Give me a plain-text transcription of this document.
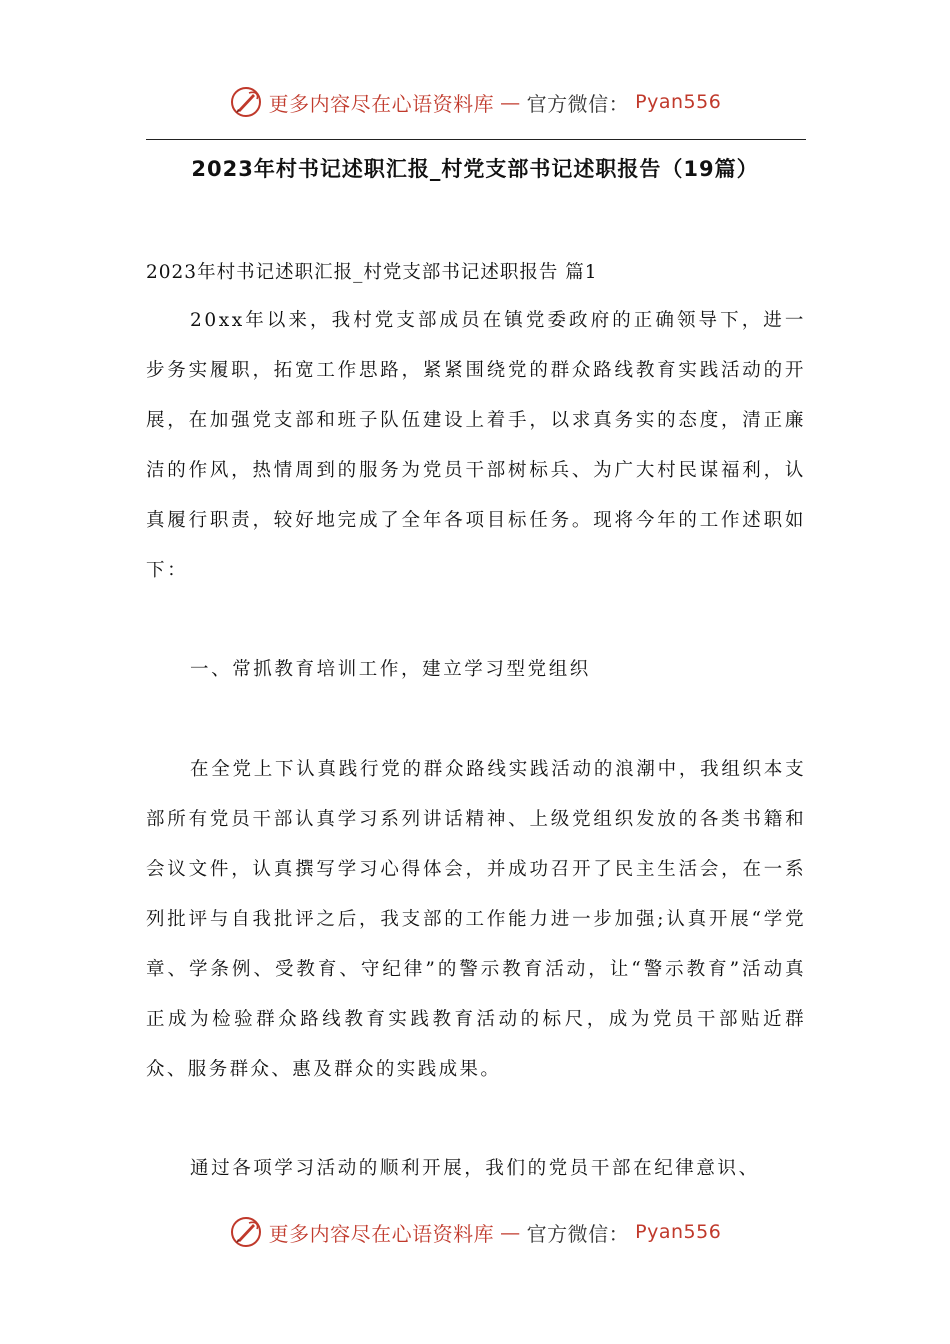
更多内容尽在心语资料库 — 官方微信： Pyan556
2023年村书记述职汇报_村党支部书记述职报告（19篇）
2023年村书记述职汇报_村党支部书记述职报告 篇1

20xx年以来，我村党支部成员在镇党委政府的正确领导下，进一步务实履职，拓宽工作思路，紧紧围绕党的群众路线教育实践活动的开展，在加强党支部和班子队伍建设上着手，以求真务实的态度，清正廉洁的作风，热情周到的服务为党员干部树标兵、为广大村民谋福利，认真履行职责，较好地完成了全年各项目标任务。现将今年的工作述职如下：

一、常抓教育培训工作，建立学习型党组织

在全党上下认真践行党的群众路线实践活动的浪潮中，我组织本支部所有党员干部认真学习系列讲话精神、上级党组织发放的各类书籍和会议文件，认真撰写学习心得体会，并成功召开了民主生活会，在一系列批评与自我批评之后，我支部的工作能力进一步加强;认真开展“学党章、学条例、受教育、守纪律”的警示教育活动，让“警示教育”活动真正成为检验群众路线教育实践教育活动的标尺，成为党员干部贴近群众、服务群众、惠及群众的实践成果。

通过各项学习活动的顺利开展，我们的党员干部在纪律意识、

更多内容尽在心语资料库 — 官方微信： Pyan556
